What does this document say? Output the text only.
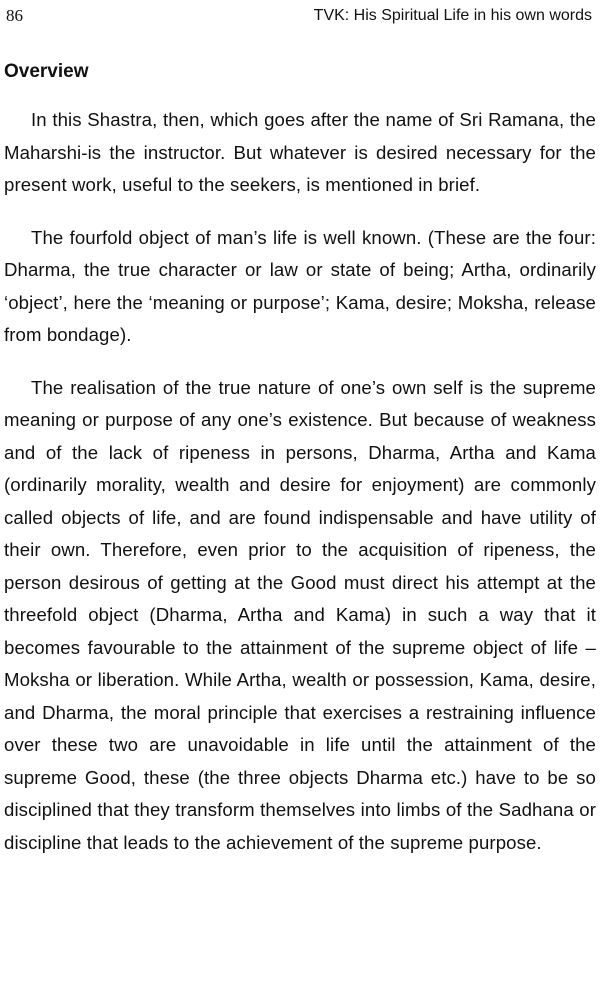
86	TVK: His Spiritual Life in his own words
Overview

In this Shastra, then, which goes after the name of Sri Ramana, the Maharshi-is the instructor. But whatever is desired necessary for the present work, useful to the seekers, is mentioned in brief.

The fourfold object of man’s life is well known. (These are the four: Dharma, the true character or law or state of being; Artha, ordinarily ‘object’, here the ‘meaning or purpose’; Kama, desire; Moksha, release from bondage).

The realisation of the true nature of one’s own self is the supreme meaning or purpose of any one’s existence. But because of weakness and of the lack of ripeness in persons, Dharma, Artha and Kama (ordinarily morality, wealth and desire for enjoyment) are commonly called objects of life, and are found indispensable and have utility of their own. Therefore, even prior to the acquisition of ripeness, the person desirous of getting at the Good must direct his attempt at the threefold object (Dharma, Artha and Kama) in such a way that it becomes favourable to the attainment of the supreme object of life – Moksha or liberation. While Artha, wealth or possession, Kama, desire, and Dharma, the moral principle that exercises a restraining influence over these two are unavoidable in life until the attainment of the supreme Good, these (the three objects Dharma etc.) have to be so disciplined that they transform themselves into limbs of the Sadhana or discipline that leads to the achievement of the supreme purpose.
